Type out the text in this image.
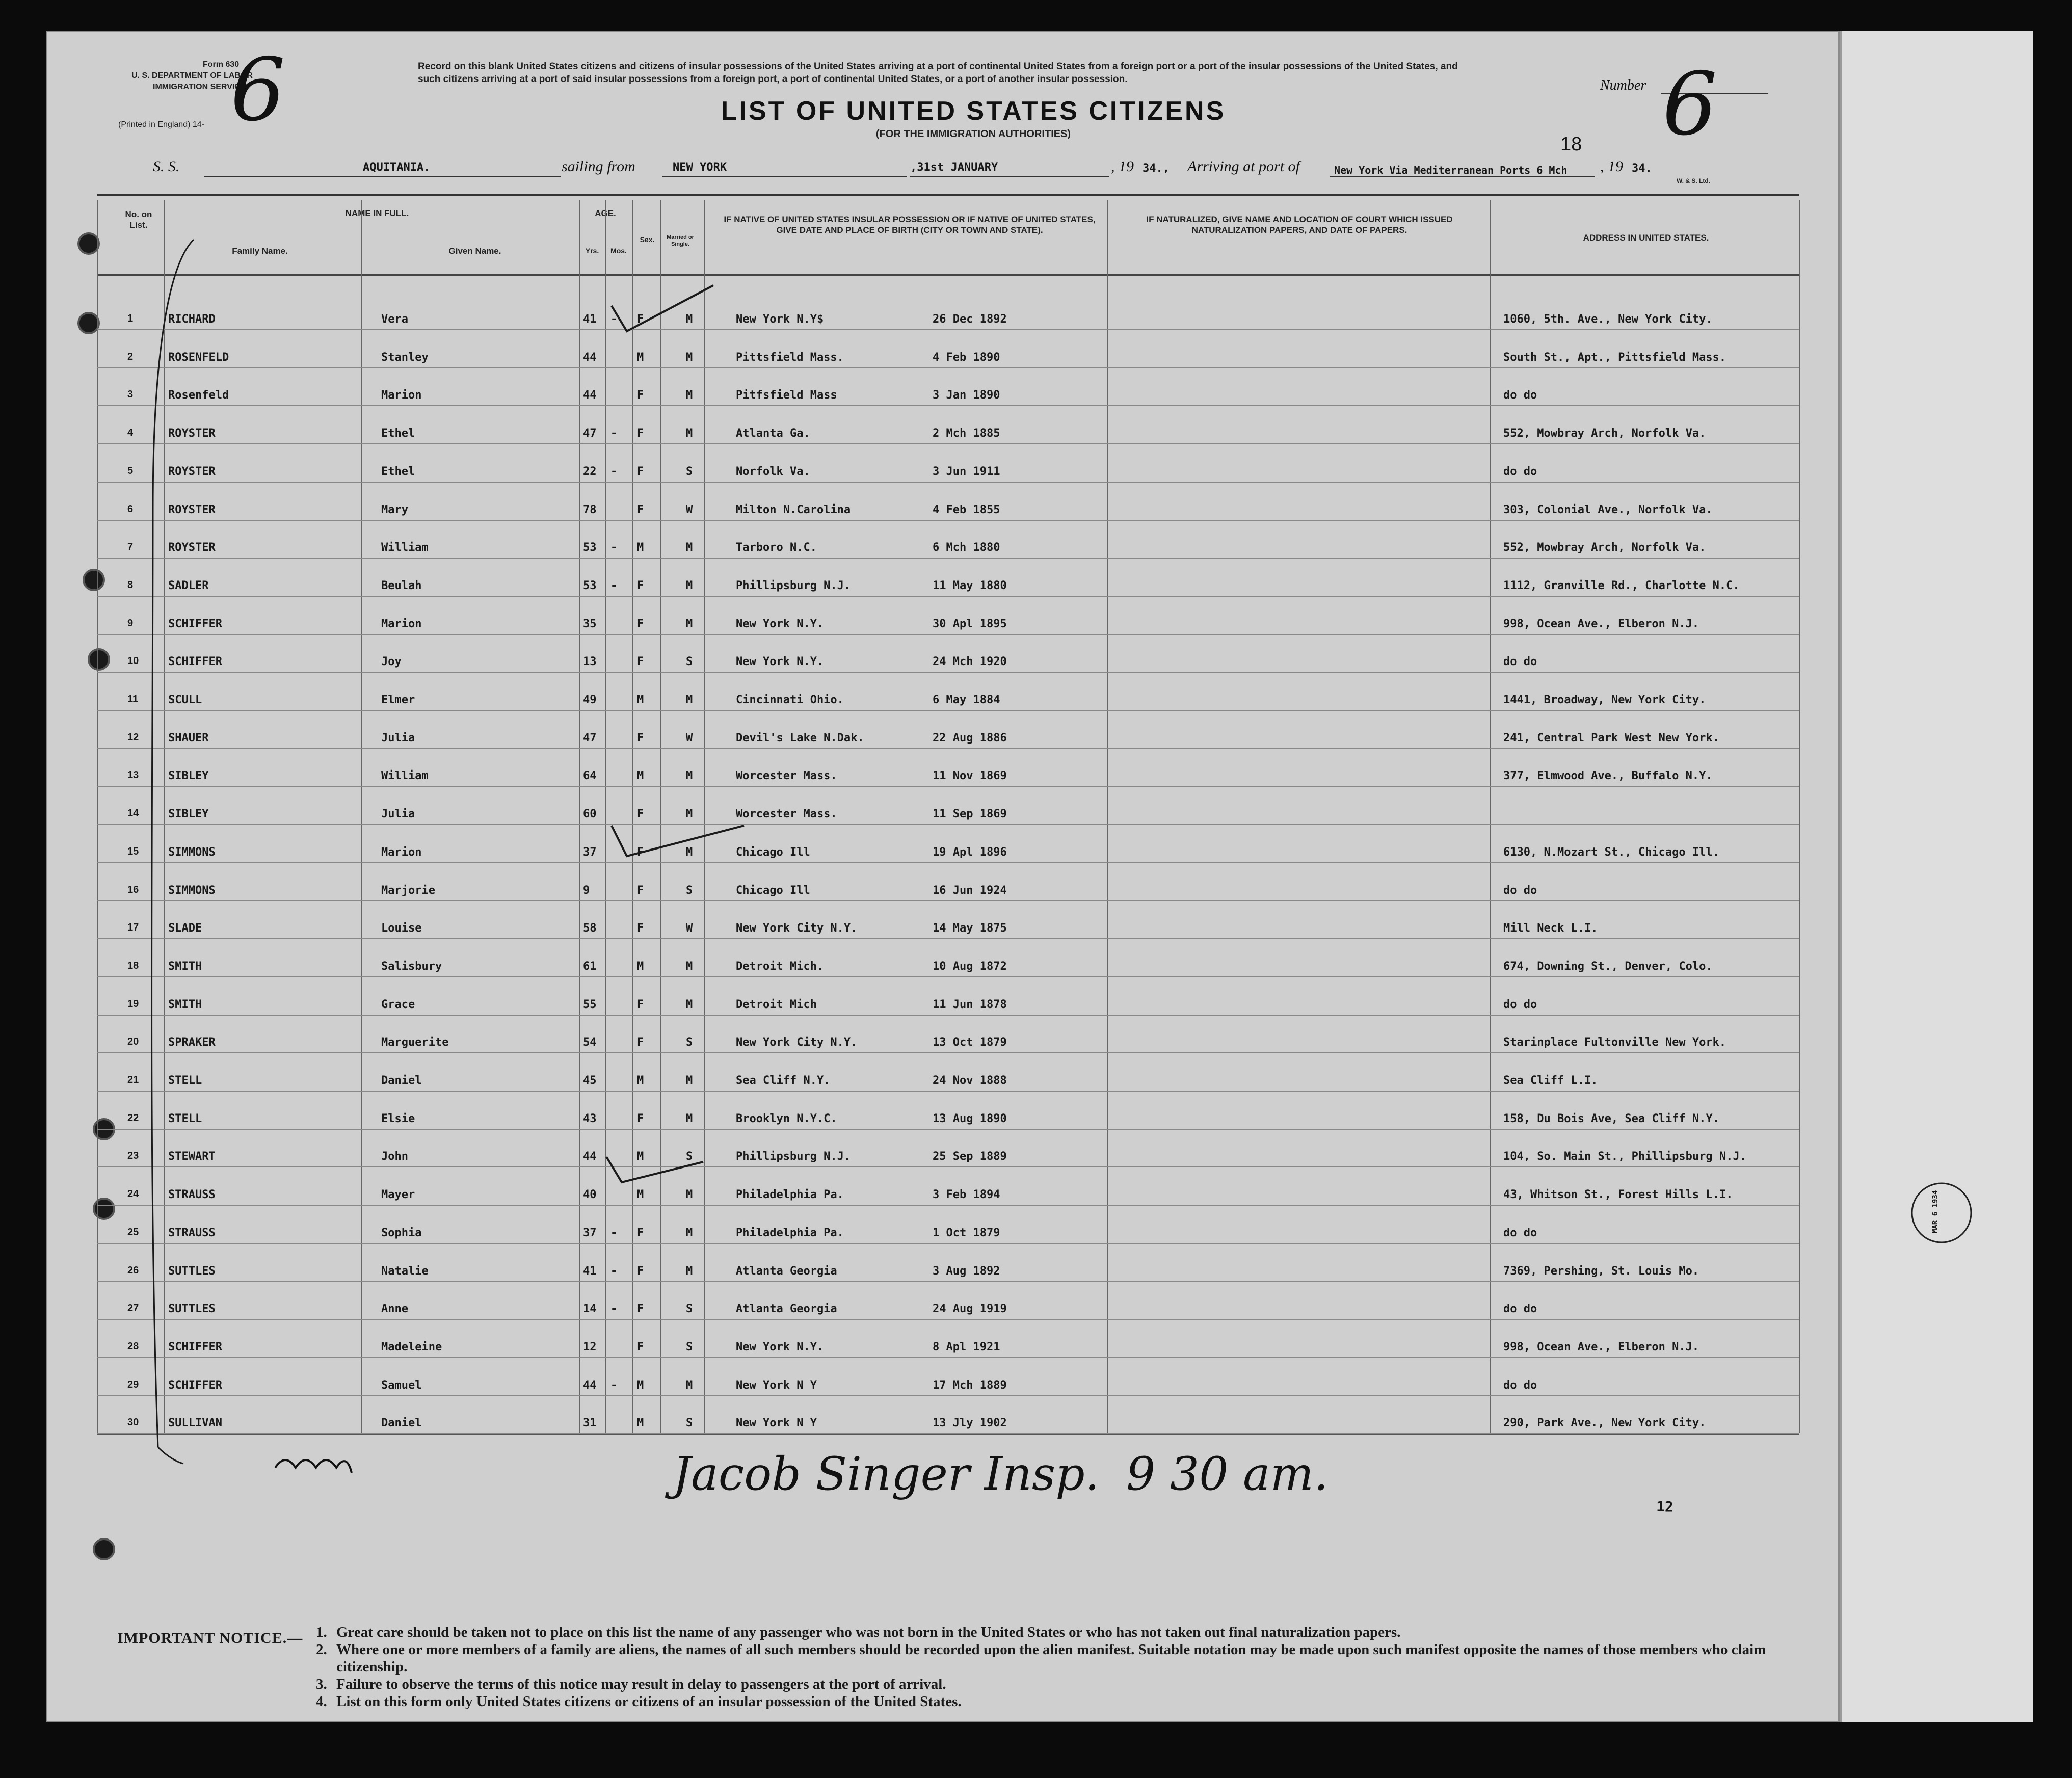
Form 630
U. S. DEPARTMENT OF LABOR
IMMIGRATION SERVICE
(Printed in England) 14- 6	Record on this blank United States citizens and citizens of insular possessions of the United States arriving at a port of continental United States from a foreign port or a port of the insular possessions of the United States, and such citizens arriving at a port of said insular possessions from a foreign port, a port of continental United States, or a port of another insular possession.
LIST OF UNITED STATES CITIZENS
(FOR THE IMMIGRATION AUTHORITIES)
Number 6
18
S. S.	AQUITANIA.	sailing from	NEW YORK	,31st JANUARY	, 19 34., Arriving at port of	New York Via Mediterranean Ports 6 Mch , 19 34.
W. & S. Ltd.
No. on List.
NAME IN FULL.
Family Name.	Given Name.
AGE.
Yrs.	Mos.
Sex.	Married or Single.
IF NATIVE OF UNITED STATES INSULAR POSSESSION OR IF NATIVE OF UNITED STATES, GIVE DATE AND PLACE OF BIRTH (CITY OR TOWN AND STATE).
IF NATURALIZED, GIVE NAME AND LOCATION OF COURT WHICH ISSUED NATURALIZATION PAPERS, AND DATE OF PAPERS.
ADDRESS IN UNITED STATES.
1	RICHARD	Vera	41 - F	M	New York N.Y$	26 Dec 1892	1060, 5th. Ave., New York City.
2	ROSENFELD	Stanley	44	M	M	Pittsfield Mass.	4 Feb 1890	South St., Apt., Pittsfield Mass.
3	Rosenfeld	Marion	44	F	M	Pitfsfield Mass	3 Jan 1890	do do
4	ROYSTER	Ethel	47 - F	M	Atlanta Ga.	2 Mch 1885	552, Mowbray Arch, Norfolk Va.
5	ROYSTER	Ethel	22 - F	S	Norfolk Va.	3 Jun 1911	do do
6	ROYSTER	Mary	78	F	W	Milton N.Carolina	4 Feb 1855	303, Colonial Ave., Norfolk Va.
7	ROYSTER	William	53 - M	M	Tarboro N.C.	6 Mch 1880	552, Mowbray Arch, Norfolk Va.
8	SADLER	Beulah	53 - F	M	Phillipsburg N.J.	11 May 1880	1112, Granville Rd., Charlotte N.C.
9	SCHIFFER	Marion	35	F	M	New York N.Y.	30 Apl 1895	998, Ocean Ave., Elberon N.J.
10	SCHIFFER	Joy	13	F	S	New York N.Y.	24 Mch 1920	do do
11	SCULL	Elmer	49	M	M	Cincinnati Ohio.	6 May 1884	1441, Broadway, New York City.
12	SHAUER	Julia	47	F	W	Devil's Lake N.Dak.	22 Aug 1886	241, Central Park West New York.
13	SIBLEY	William	64	M	M	Worcester Mass.	11 Nov 1869	377, Elmwood Ave., Buffalo N.Y.
14	SIBLEY	Julia	60	F	M	Worcester Mass.	11 Sep 1869
15	SIMMONS	Marion	37	F	M	Chicago Ill	19 Apl 1896	6130, N.Mozart St., Chicago Ill.
16	SIMMONS	Marjorie	9	F	S	Chicago Ill	16 Jun 1924	do do
17	SLADE	Louise	58	F	W	New York City N.Y.	14 May 1875	Mill Neck L.I.
18	SMITH	Salisbury	61	M	M	Detroit Mich.	10 Aug 1872	674, Downing St., Denver, Colo.
19	SMITH	Grace	55	F	M	Detroit Mich	11 Jun 1878	do do
20	SPRAKER	Marguerite	54	F	S	New York City N.Y.	13 Oct 1879	Starinplace Fultonville New York.
21	STELL	Daniel	45	M	M	Sea Cliff N.Y.	24 Nov 1888	Sea Cliff L.I.
22	STELL	Elsie	43	F	M	Brooklyn N.Y.C.	13 Aug 1890	158, Du Bois Ave, Sea Cliff N.Y.
23	STEWART	John	44	M	S	Phillipsburg N.J.	25 Sep 1889	104, So. Main St., Phillipsburg N.J.
24	STRAUSS	Mayer	40	M	M	Philadelphia Pa.	3 Feb 1894	43, Whitson St., Forest Hills L.I.
25	STRAUSS	Sophia	37 - F	M	Philadelphia Pa.	1 Oct 1879	do do
26	SUTTLES	Natalie	41 - F	M	Atlanta Georgia	3 Aug 1892	7369, Pershing, St. Louis Mo.
27	SUTTLES	Anne	14 - F	S	Atlanta Georgia	24 Aug 1919	do do
28	SCHIFFER	Madeleine	12	F	S	New York N.Y.	8 Apl 1921	998, Ocean Ave., Elberon N.J.
29	SCHIFFER	Samuel	44 - M	M	New York N Y	17 Mch 1889	do do
30	SULLIVAN	Daniel	31	M	S	New York N Y	13 Jly 1902	290, Park Ave., New York City.
Jacob Singer Insp. 9 30 am.
12
MAR 6 1934
IMPORTANT NOTICE.— 1. Great care should be taken not to place on this list the name of any passenger who was not born in the United States or who has not taken out final naturalization papers.
2. Where one or more members of a family are aliens, the names of all such members should be recorded upon the alien manifest. Suitable notation may be made upon such manifest opposite the names of those members who claim citizenship.
3. Failure to observe the terms of this notice may result in delay to passengers at the port of arrival.
4. List on this form only United States citizens or citizens of an insular possession of the United States.
